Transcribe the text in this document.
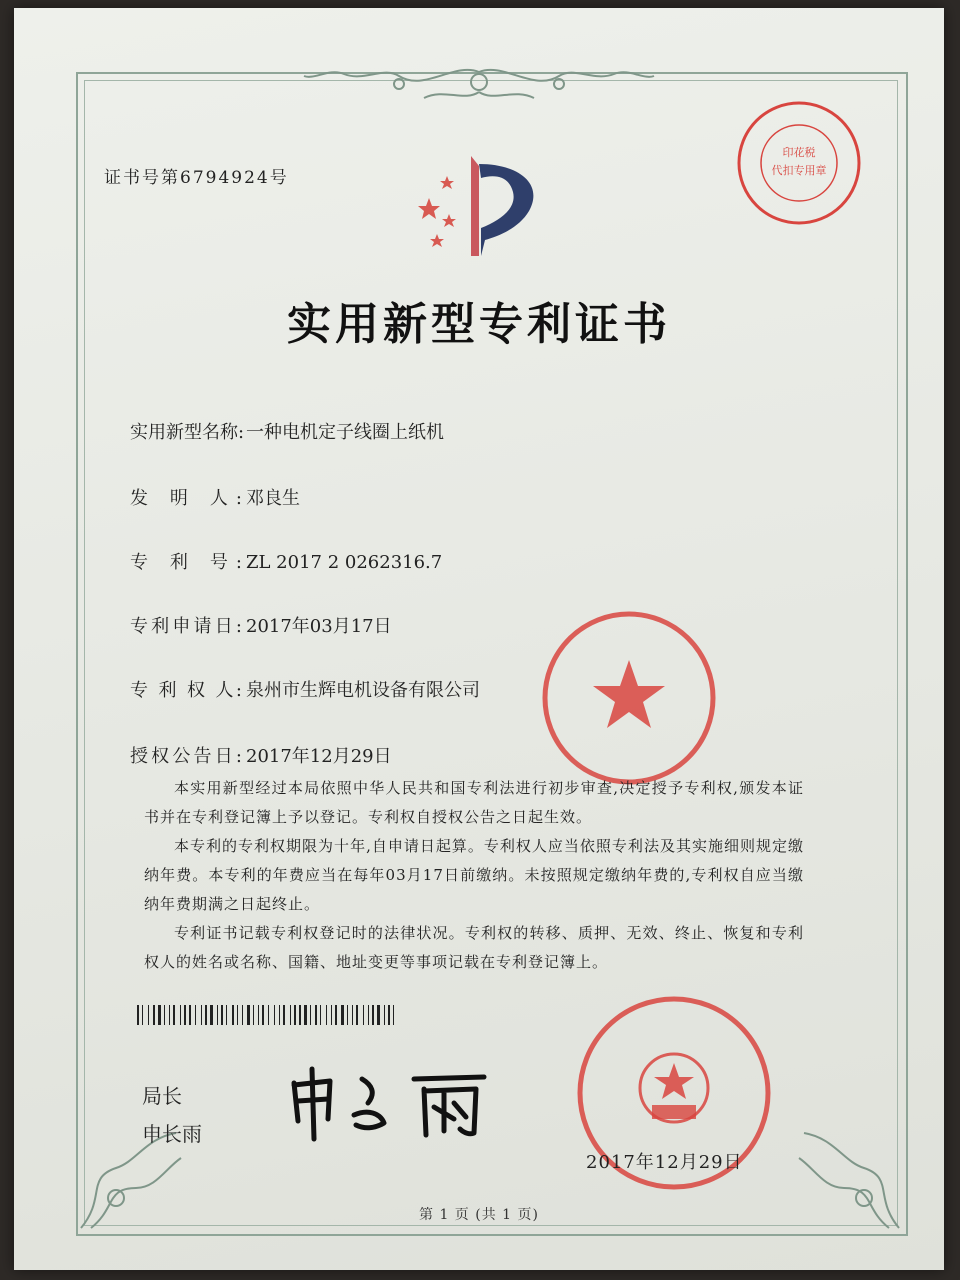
证书号第6794924号
印花税
代扣专用章
实用新型专利证书
实用新型名称: 一种电机定子线圈上纸机
发 明 人: 邓良生
专 利 号: ZL 2017 2 0262316.7
专利申请日: 2017年03月17日
专 利 权 人: 泉州市生辉电机设备有限公司
授权公告日: 2017年12月29日

本实用新型经过本局依照中华人民共和国专利法进行初步审查,决定授予专利权,颁发本证书并在专利登记簿上予以登记。专利权自授权公告之日起生效。

本专利的专利权期限为十年,自申请日起算。专利权人应当依照专利法及其实施细则规定缴纳年费。本专利的年费应当在每年03月17日前缴纳。未按照规定缴纳年费的,专利权自应当缴纳年费期满之日起终止。

专利证书记载专利权登记时的法律状况。专利权的转移、质押、无效、终止、恢复和专利权人的姓名或名称、国籍、地址变更等事项记载在专利登记簿上。

局长
申长雨
2017年12月29日
第 1 页 (共 1 页)
